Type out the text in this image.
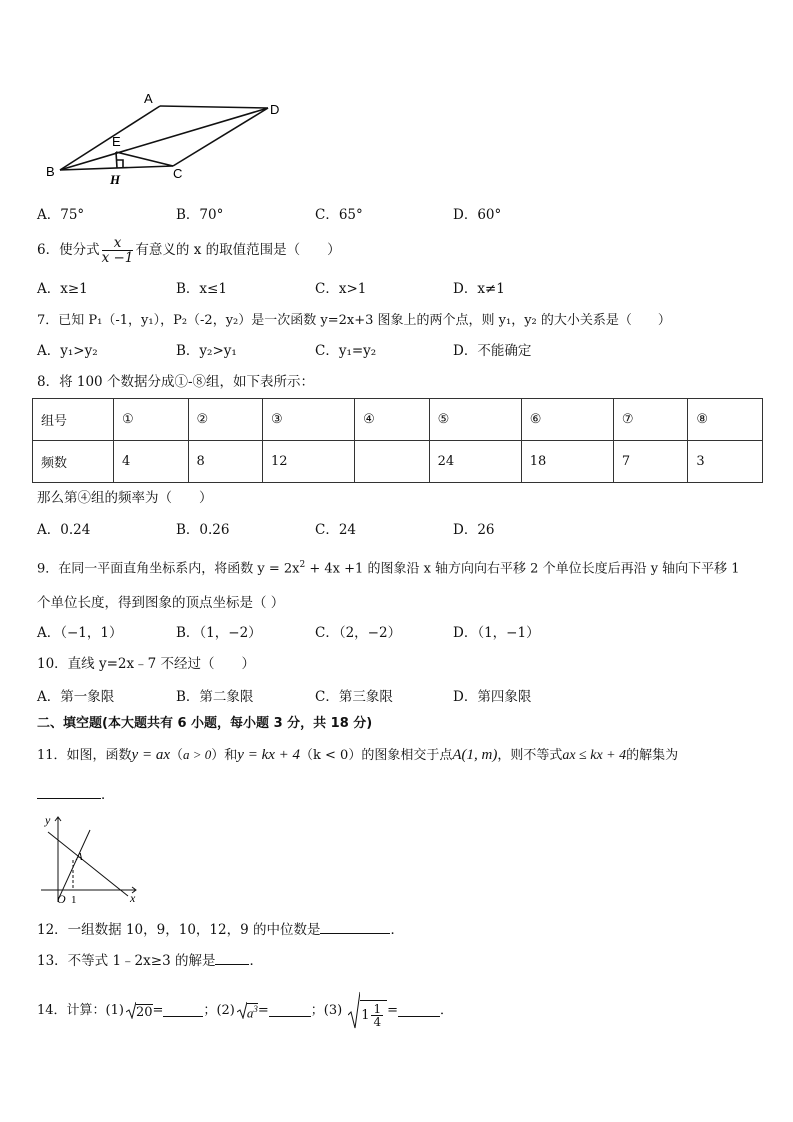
A
D
E
B	C
H
A．75°	B．70°	C．65°	D．60°
6．使分式 $\frac{x}{x -1}$ 有意义的 x 的取值范围是（　　）
A．x≥1	B．x≤1	C．x>1	D．x≠1
7．已知 P₁（-1，y₁），P₂（-2，y₂）是一次函数 y=2x+3 图象上的两个点，则 y₁，y₂ 的大小关系是（　　）
A．y₁>y₂	B．y₂>y₁	C．y₁=y₂	D．不能确定
8．将 100 个数据分成①-⑧组，如下表所示：
组号	①	②	③	④	⑤	⑥	⑦	⑧
频数	4	8	12		24	18	7	3
那么第④组的频率为（　　）
A．0.24	B．0.26	C．24	D．26
9．在同一平面直角坐标系内，将函数 $y = 2x^2 + 4x +1$ 的图象沿 x 轴方向向右平移 2 个单位长度后再沿 y 轴向下平移 1
个单位长度，得到图象的顶点坐标是（ ）
A．（−1，1）	B．（1，−2）	C．（2，−2）	D．（1，−1）
10．直线 y=2x﹣7 不经过（　　）
A．第一象限	B．第二象限	C．第三象限	D．第四象限
二、填空题(本大题共有 6 小题，每小题 3 分，共 18 分)
11．如图，函数y = ax（a > 0）和y = kx + 4（k < 0）的图象相交于点A(1, m)，则不等式ax ≤ kx + 4的解集为
．
y
x
O 1
A
12．一组数据 10，9，10，12，9 的中位数是	．
13．不等式 1﹣2x≥3 的解是	．
14．计算： (1) 20 =	； (2) $a^3$ =	； (3) $1 \frac{1}{4}$ =	．
